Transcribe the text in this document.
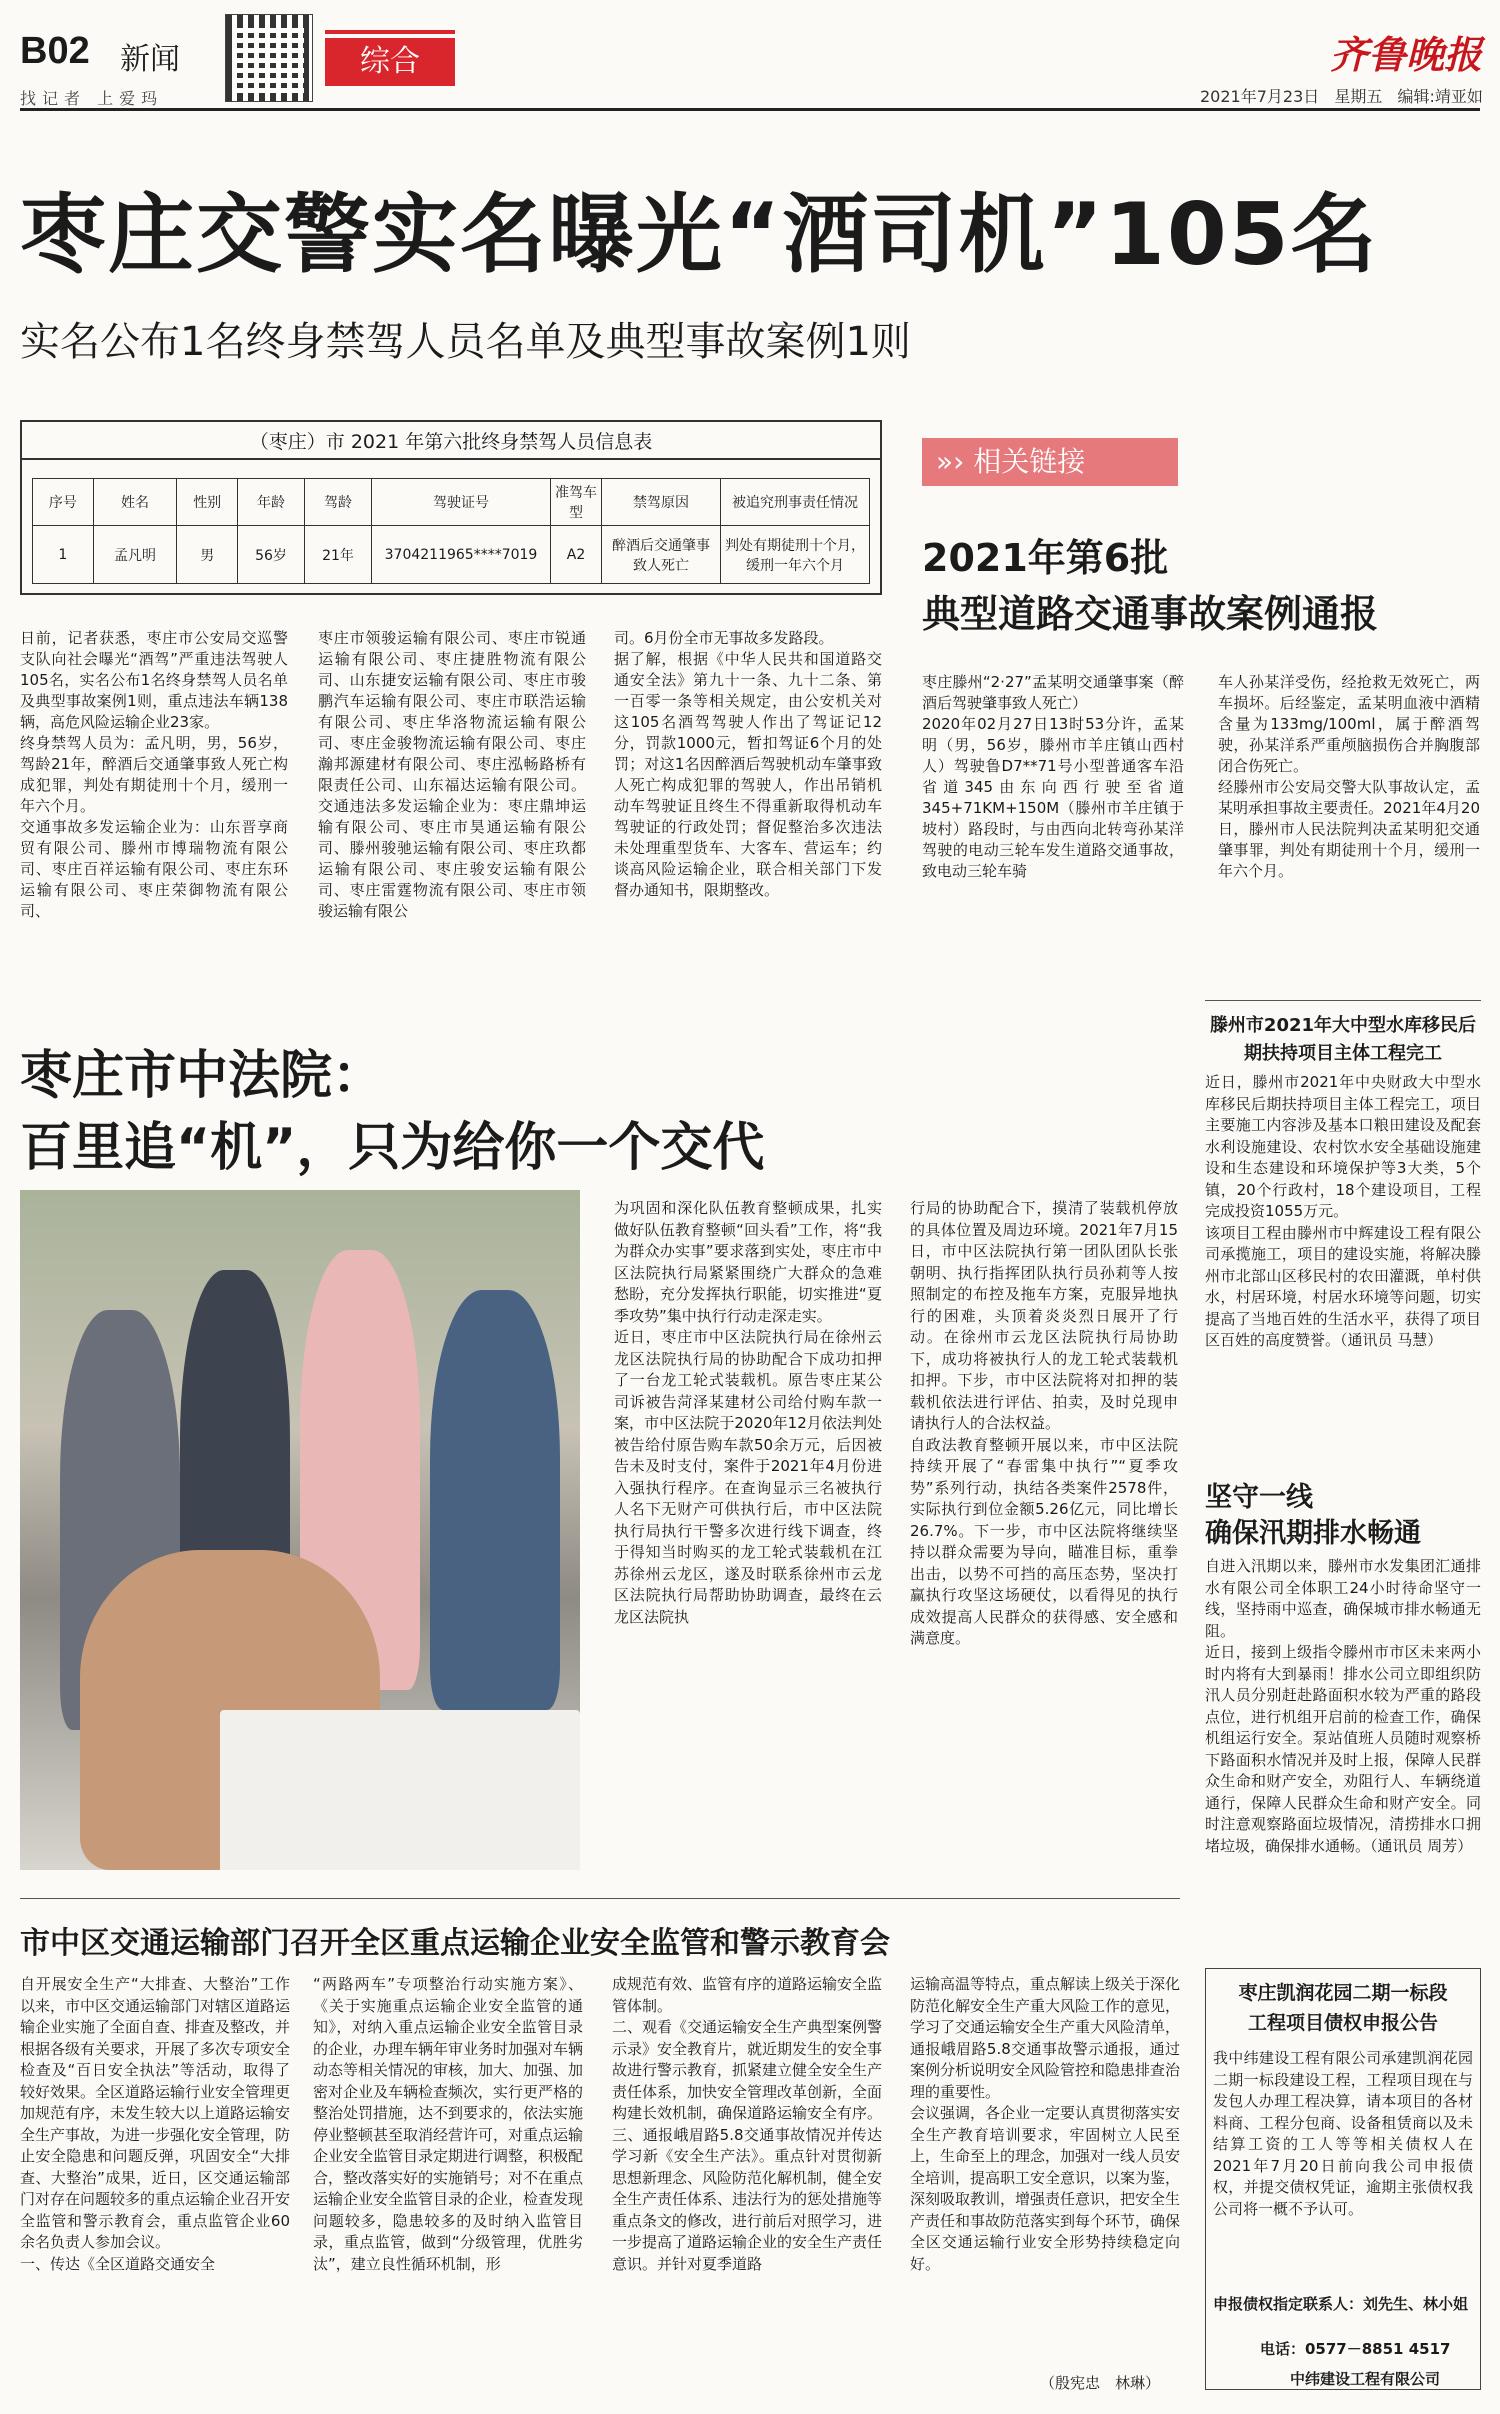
B02 新闻
找记者 上爱玛
综合	齐鲁晚报
2021年7月23日 星期五 编辑:靖亚如
枣庄交警实名曝光“酒司机”105名
实名公布1名终身禁驾人员名单及典型事故案例1则
（枣庄）市 2021 年第六批终身禁驾人员信息表
序号	姓名	性别	年龄	驾龄	驾驶证号	准驾车型	禁驾原因	被追究刑事责任情况
1	孟凡明	男	56岁	21年	3704211965****7019	A2	醉酒后交通肇事致人死亡	判处有期徒刑十个月，缓刑一年六个月
日前，记者获悉，枣庄市公安局交巡警支队向社会曝光“酒驾”严重违法驾驶人105名，实名公布1名终身禁驾人员名单及典型事故案例1则，重点违法车辆138辆，高危风险运输企业23家。
终身禁驾人员为：孟凡明，男，56岁，驾龄21年，醉酒后交通肇事致人死亡构成犯罪，判处有期徒刑十个月，缓刑一年六个月。
交通事故多发运输企业为：山东晋享商贸有限公司、滕州市博瑞物流有限公司、枣庄百祥运输有限公司、枣庄东环运输有限公司、枣庄荣御物流有限公司、
枣庄市领骏运输有限公司、枣庄市锐通运输有限公司、枣庄捷胜物流有限公司、山东捷安运输有限公司、枣庄市骏鹏汽车运输有限公司、枣庄市联浩运输有限公司、枣庄华洛物流运输有限公司、枣庄金骏物流运输有限公司、枣庄瀚邦源建材有限公司、枣庄泓畅路桥有限责任公司、山东福达运输有限公司。交通违法多发运输企业为：枣庄鼎坤运输有限公司、枣庄市昊通运输有限公司、滕州骏驰运输有限公司、枣庄玖都运输有限公司、枣庄骏安运输有限公司、枣庄雷霆物流有限公司、枣庄市领骏运输有限公
司。6月份全市无事故多发路段。
据了解，根据《中华人民共和国道路交通安全法》第九十一条、九十二条、第一百零一条等相关规定，由公安机关对这105名酒驾驾驶人作出了驾证记12分，罚款1000元，暂扣驾证6个月的处罚；对这1名因醉酒后驾驶机动车肇事致人死亡构成犯罪的驾驶人，作出吊销机动车驾驶证且终生不得重新取得机动车驾驶证的行政处罚；督促整治多次违法未处理重型货车、大客车、营运车；约谈高风险运输企业，联合相关部门下发督办通知书，限期整改。
»› 相关链接
2021年第6批
典型道路交通事故案例通报
枣庄滕州“2·27”孟某明交通肇事案（醉酒后驾驶肇事致人死亡）
2020年02月27日13时53分许，孟某明（男，56岁，滕州市羊庄镇山西村人）驾驶鲁D7**71号小型普通客车沿省道345由东向西行驶至省道345+71KM+150M（滕州市羊庄镇于坡村）路段时，与由西向北转弯孙某洋驾驶的电动三轮车发生道路交通事故，致电动三轮车骑
车人孙某洋受伤，经抢救无效死亡，两车损坏。后经鉴定，孟某明血液中酒精含量为133mg/100ml，属于醉酒驾驶，孙某洋系严重颅脑损伤合并胸腹部闭合伤死亡。
经滕州市公安局交警大队事故认定，孟某明承担事故主要责任。2021年4月20日，滕州市人民法院判决孟某明犯交通肇事罪，判处有期徒刑十个月，缓刑一年六个月。
枣庄市中法院：
百里追“机”，只为给你一个交代
为巩固和深化队伍教育整顿成果，扎实做好队伍教育整顿“回头看”工作，将“我为群众办实事”要求落到实处，枣庄市中区法院执行局紧紧围绕广大群众的急难愁盼，充分发挥执行职能，切实推进“夏季攻势”集中执行行动走深走实。
近日，枣庄市中区法院执行局在徐州云龙区法院执行局的协助配合下成功扣押了一台龙工轮式装载机。原告枣庄某公司诉被告菏泽某建材公司给付购车款一案，市中区法院于2020年12月依法判处被告给付原告购车款50余万元，后因被告未及时支付，案件于2021年4月份进入强执行程序。在查询显示三名被执行人名下无财产可供执行后，市中区法院执行局执行干警多次进行线下调查，终于得知当时购买的龙工轮式装载机在江苏徐州云龙区，遂及时联系徐州市云龙区法院执行局帮助协助调查，最终在云龙区法院执
行局的协助配合下，摸清了装载机停放的具体位置及周边环境。2021年7月15日，市中区法院执行第一团队团队长张朝明、执行指挥团队执行员孙莉等人按照制定的布控及拖车方案，克服异地执行的困难，头顶着炎炎烈日展开了行动。在徐州市云龙区法院执行局协助下，成功将被执行人的龙工轮式装载机扣押。下步，市中区法院将对扣押的装载机依法进行评估、拍卖，及时兑现申请执行人的合法权益。
自政法教育整顿开展以来，市中区法院持续开展了“春雷集中执行”“夏季攻势”系列行动，执结各类案件2578件，实际执行到位金额5.26亿元，同比增长26.7%。下一步，市中区法院将继续坚持以群众需要为导向，瞄准目标，重拳出击，以势不可挡的高压态势，坚决打赢执行攻坚这场硬仗，以看得见的执行成效提高人民群众的获得感、安全感和满意度。
滕州市2021年大中型水库移民后期扶持项目主体工程完工
近日，滕州市2021年中央财政大中型水库移民后期扶持项目主体工程完工，项目主要施工内容涉及基本口粮田建设及配套水利设施建设、农村饮水安全基础设施建设和生态建设和环境保护等3大类，5个镇，20个行政村，18个建设项目，工程完成投资1055万元。
该项目工程由滕州市中辉建设工程有限公司承揽施工，项目的建设实施，将解决滕州市北部山区移民村的农田灌溉，单村供水，村居环境，村居水环境等问题，切实提高了当地百姓的生活水平，获得了项目区百姓的高度赞誉。（通讯员 马慧）
坚守一线
确保汛期排水畅通
自进入汛期以来，滕州市水发集团汇通排水有限公司全体职工24小时待命坚守一线，坚持雨中巡查，确保城市排水畅通无阻。
近日，接到上级指令滕州市市区未来两小时内将有大到暴雨！排水公司立即组织防汛人员分别赶赴路面积水较为严重的路段点位，进行机组开启前的检查工作，确保机组运行安全。泵站值班人员随时观察桥下路面积水情况并及时上报，保障人民群众生命和财产安全，劝阻行人、车辆绕道通行，保障人民群众生命和财产安全。同时注意观察路面垃圾情况，清捞排水口拥堵垃圾，确保排水通畅。（通讯员 周芳）
市中区交通运输部门召开全区重点运输企业安全监管和警示教育会
自开展安全生产“大排查、大整治”工作以来，市中区交通运输部门对辖区道路运输企业实施了全面自查、排查及整改，并根据各级有关要求，开展了多次专项安全检查及“百日安全执法”等活动，取得了较好效果。全区道路运输行业安全管理更加规范有序，未发生较大以上道路运输安全生产事故，为进一步强化安全管理，防止安全隐患和问题反弹，巩固安全“大排查、大整治”成果，近日，区交通运输部门对存在问题较多的重点运输企业召开安全监管和警示教育会，重点监管企业60余名负责人参加会议。
一、传达《全区道路交通安全
“两路两车”专项整治行动实施方案》、《关于实施重点运输企业安全监管的通知》，对纳入重点运输企业安全监管目录的企业，办理车辆年审业务时加强对车辆动态等相关情况的审核，加大、加强、加密对企业及车辆检查频次，实行更严格的整治处罚措施，达不到要求的，依法实施停业整顿甚至取消经营许可，对重点运输企业安全监管目录定期进行调整，积极配合，整改落实好的实施销号；对不在重点运输企业安全监管目录的企业，检查发现问题较多，隐患较多的及时纳入监管目录，重点监管，做到“分级管理，优胜劣汰”，建立良性循环机制，形
成规范有效、监管有序的道路运输安全监管体制。
二、观看《交通运输安全生产典型案例警示录》安全教育片，就近期发生的安全事故进行警示教育，抓紧建立健全安全生产责任体系，加快安全管理改革创新，全面构建长效机制，确保道路运输安全有序。
三、通报峨眉路5.8交通事故情况并传达学习新《安全生产法》。重点针对贯彻新思想新理念、风险防范化解机制，健全安全生产责任体系、违法行为的惩处措施等重点条文的修改，进行前后对照学习，进一步提高了道路运输企业的安全生产责任意识。并针对夏季道路
运输高温等特点，重点解读上级关于深化防范化解安全生产重大风险工作的意见，学习了交通运输安全生产重大风险清单，通报峨眉路5.8交通事故警示通报，通过案例分析说明安全风险管控和隐患排查治理的重要性。
会议强调，各企业一定要认真贯彻落实安全生产教育培训要求，牢固树立人民至上，生命至上的理念，加强对一线人员安全培训，提高职工安全意识，以案为鉴，深刻吸取教训，增强责任意识，把安全生产责任和事故防范落实到每个环节，确保全区交通运输行业安全形势持续稳定向好。
（殷宪忠　林琳）
枣庄凯润花园二期一标段
工程项目债权申报公告
我中纬建设工程有限公司承建凯润花园二期一标段建设工程，工程项目现在与发包人办理工程决算，请本项目的各材料商、工程分包商、设备租赁商以及未结算工资的工人等等相关债权人在2021年7月20日前向我公司申报债权，并提交债权凭证，逾期主张债权我公司将一概不予认可。
申报债权指定联系人：刘先生、林小姐
电话：0577－8851 4517
中纬建设工程有限公司
